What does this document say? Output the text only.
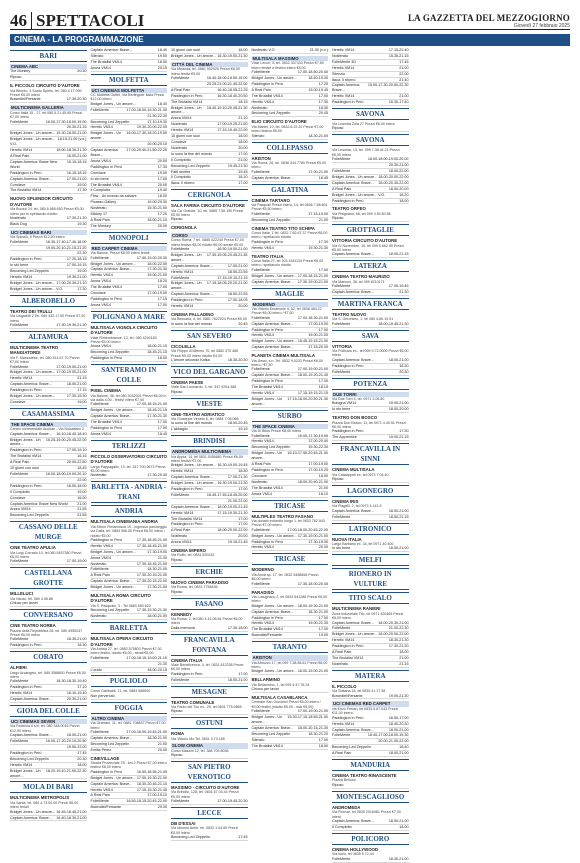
46 SPETTACOLI	LA GAZZETTA DEL MEZZOGIORNO
Giovedì 27 febbraio 2025
CINEMA - LA PROGRAMMAZIONE
BARI
CINEMA ABC
The Monkey	20.30
Riposo
IL PICCOLO CIRCUITO D'AUTORE
Via Bitonto, 4 Santo Spirito, tel. 080.4 17.090 Prezzi €5,00 intero
Bowndiel/Fersante	17.30-20.30
MULTICINEMA GALLERIA
Corso Italia 15 - 17, tel.080.5.21.45.65 Prezzi €7,00 intero
FolleMente	16.00-17.30-18.00-19.00
20.30-21.15
Bridget Jones - Un amore... 15.30-18.00-21.00
Bridget Jones - Un amore... V.O.
18.15-21.00 (v.o.)
Heretic VM14	18.00-18.30-21.30
A Real Pain	16.00-21.00
Captain America: Brave New World
15.15-18.15
Paddington in Perù	16.15-18.15
Captain America: Brave...	17.00-21.00
Conclave	19.00
The Brutalist VM14	17.30
NUOVO SPLENDOR CIRCUITO D'AUTORE
Via Buozzi 24, tel. 080.5.565.650 Prezzi €5,00 intero per lo spettacolo ridotto
Nosferatu	17.30-21.30
Black Dog	19.30
UCI CINEMAS BARI
Via Spinelli, 9 Prezzi €12,50 intero
FolleMente	16.30-17.40-17.40-18.00
19.00-20.10-21.15-21.20
22.30
Paddington in Perù	17.20-18.15
Io sto bene	17.00-19.15
Becoming Led Zeppelin	19.00
Heretic VM14	19.30-21.00
Bridget Jones - Un amore... 17.00-20.30-21.10
Bridget Jones - Un amore... V.O.	17.30
ALBEROBELLO
TEATRO DEI TRULLI
Via Ungaretti 2 Tel. 080 432.17.50 Prezzi €7,00 intero
FolleMente	17.30-19.30-21.30
ALTAMURA
MULTICINEMA TEATRO MANGIATORDI
Via F. Manzarese, tel. 080 314.67.70 Prezzi €7,00 intero
FolleMente	17.00-19.00-21.00
Bridget Jones - Un amore... 17.00-19.00-21.00
Heretic VM14	21.15
Captain America: Brave...	18.00-21.00
Paddington in Perù	17.15
Bridget Jones - Un amore...	17.30-19.30
Conclave	19.00
CASAMASSIMA
THE SPACE CINEMA
Centro commerciale Auchan - Via Noicattaro 2
Captain America: Brave... 16.10-16.40-18.40
Bridget Jones - Un amore...
16.25-19.00-20.45-22.00
Paddington in Perù	17.00-19.10
The Brutalist VM14	16.15
A Real Pain	20.00-22.50
10 giorni con suoi	18.45
FolleMente	16.00-18.00-19.00-20.10
22.00
Paddington in Perù	16.00-18.00
Il Complotto	19.00
Conclave	16.00
Captain America: Brave New World	21.00
Anora VM14	21.55
Becoming Led Zeppelin	21.55
CASSANO DELLE MURGE
CINE TEATRO APULIA
Via Luigi Corrado 10, tel 080 5457380 Prezzi €6,00 intero
FolleMente	17.00-19.00
CASTELLANA GROTTE
MILLELUCI
Via Nicolò, tel. 080 4.96.86
Chiuso per lavori
CONVERSANO
CINE TEATRO NORBA
Piazza della Repubblica 28, tel. 080 4955247 Prezzi €6,00 intero
FolleMente	18.30-21.00
Paddington in Perù	18.30
CORATO
ALFIERI
Largo Arcangelo, tel. 080 3588651 Prezzi €6,00 intero
FolleMente	18.30-18.30-19.40
Paddington in Perù	17.10
Heretic VM14	18.10-19.40
Captain America: Brave...	20.30-21.00
GIOIA DEL COLLE
UCI CINEMAS SEVEN
Via Federico Il s/n, tel. 080 348.0016 Prezzi €12,50 intero
Captain America: Brave...	18.00-21.00
FolleMente	16.00-17.20-20.10-20.50
19.50-22.00
Paddington in Perù	17.45
Becoming Led Zeppelin	20.30
Heretic VM14	18.00
Bridget Jones - Un amore...
18.20-19.10-21.00-22.30
MOLA DI BARI
MULTICINEMA METROPOLIS
Via Santa, tel. 080 4.73.00.00 Prezzi €6,00 intero feriali
Bridget Jones - Un amore... 16.45-18.45-21.00
Captain America: Brave... 16.40-18.30-21.00
Captain America: Brave...	18.40
Silenzio	19.50
The Brutalist VM14	18.50
Anora VM14	20.15
MOLFETTA
UCI CINEMAS MOLFETTA
CC Molfetta Outlet, Via Berlinguer Italia Prezzi €12,00 intero
Bridget Jones - Un amore...	18.40
FolleMente	17.00-18.00-19.30-21.30
21.50-22.30
Becoming Led Zeppelin	17.10-19.30
Heretic VM14	19.30-20.00-22.00
Bridget Jones - Un amore...
16.00-17.30-18.20-19.00
20.00-20.10
Captain America: Brave...
17.00-20.40-21.50-22.25
Anora VM14	20.50
Paddington in Perù	17.30
Conclave	19.00
Io sto bene	17.00
The Brutalist VM14	20.00
Il Complotto	19.40
Flow - Un mondo da salvare	18.00
Picasso Gallery	19.00-20.30
Nosferatu	19.30-21.00
Mickey 17	17.20
A Real Pain	18.00-21.10
The Monkey	20.00
MONOPOLI
RED CARPET CINEMA
Via Baione, Prezzi €8,00 intero feriali
FolleMente	17.00-19.00-20.30
Bridget Jones - Un amore...	18.00-22.00
Captain America: Brave...	17.30-21.30
Heretic VM14	19.00-21.00
Anora VM14	18.20
The Brutalist VM14	17.00
Conclave	17.00-19.00
Paddington in Perù	17.15
Anora VM14	17.00
POLIGNANO A MARE
MULTISALA VIGNOLA CIRCUITO D'AUTORE
Viale Rimembranze, 12, tel. 080 4240183 Prezzi €5,00 intero
Anora VM14	18.00-21.15
Becoming Led Zeppelin	18.45-21.15
Paddington in Perù	18.00
SANTERAMO IN COLLE
PIXEL CINEMA
Via Baione, 46, tel 080 3032001 Prezzi €6,00 in via dalla 4,00 - festivi intero €7,00
FolleMente	17.00-18.15-21.00
Bridget Jones - Un amore...	18.45-21.15
Captain America: Brave...	17.30-21.30
The Brutalist VM14	17.00
Paddington in Perù	17.00
Anora VM14	18.45
TERLIZZI
PICCOLO OSSERVATORIO CIRCUITO D'AUTORE
Largo Pappagallo, 13, tel. 347 700.9673 Prezzi €5,00 intero
Nosferatu	17.30-20.30
BARLETTA - ANDRIA - TRANI
ANDRIA
MULTISALA CINEMANIA ANDRIA
Via Ettore Fieramosca 19 - Ingresso parcheggio via Dalla, tel. 0883 556.00 Prezzi €6,00 intero / ridotto €5,00
Paddington in Perù	17.30-18.45-21.00
Heretic VM14	17.30-18.45-21.00
Bridget Jones - Un amore...	17.30-19.00
Anora VM14	21.30
Nosferatu	17.30-18.45-21.00
FolleMente	18.30-21.00
A Real Pain	17.30-20.15-21.00
Captain America: Brave... 17.30-20.15-22.00
Bridget Jones - Un amore...	17.30-21.00
MULTISALA ROMA CIRCUITO D'AUTORE
Via S. Pasquale, 3 - Tel 0883 590.620
Becoming Led Zeppelin 17.30-19.30-21.30
Nosferatu	18.00-21.00
BARLETTA
MULTISALA OPERA CIRCUITO D'AUTORE
Via Andria 27, tel. 0883 575803 Prezzi €7,00 intero festivi, ridotto €6,00 - serali €5,00
FolleMente	17.00-18.15-19.00-21.15
21.30
L'orafo	18.00-20.15
PUGLIOLO
Corso Garibaldi, 21, tel. 0883 566600
Non pervenuto
FOGGIA
ALTRO CINEMA
Via Gramsci, 11, tel. 0881 708837 Prezzi €7,00 intero
FolleMente	17.00-18.00-19.45-21.00
Captain America: Brave...	18.30-21.00
Becoming Led Zeppelin	21.00
Emilia Perez	20.00
CINEVILLAGE
Strada Provinciale 78 - km 2 Prezzi €7,00 intero festivo €8,00 intero
Paddington in Perù	16.50-18.55-21.05
Bridget Jones - Un amore... 17.00-19.30-21.00
Captain America: Brave... 18.30-20.45-21.10
Heretic VM14	17.15-19.30-21.45
A Real Pain	17.00-19.10
FolleMente	16.50-18.15-20.45-22.00
Bowndiel/Fersante	20.30
10 giorni con suoi	18.00
Bridget Jones - Un amore... 16.30-19.00-21.30
CITTÀ DEL CINEMA
Via Miranda, tel. 0881 552526 Prezzi €8,00 intero festivi €9,00
FolleMente	16.40-18.00-18.50-19.00
20.25-21.00-21.40-22.00
A Real Pain	16.40-18.05-21.25
Paddington in Perù	16.30-18.40-20.50
The Brutalist VM14	18.15
Bridget Jones - Un amore...
18.40-19.10-20.45-21.30
Anora VM14	21.10
Nosferatu	17.00-19.25-21.50
Heretic VM14	17.15-19.45-22.00
10 giorni con suoi	18.00
Conclave	18.00
Nosferatu	20.00
Io sono la fine del mondo	17.00
Il Complotto	21.00
Becoming Led Zeppelin	19.45-21.30
Fatti sentire	19.45
Il Complotto	18.10
Itaca. Il ritorno	17.00
CERIGNOLA
SALA FARINA CIRCUITO D'AUTORE
Via Ca' Grande, 10, tel. 0885 7.56.190 Prezzi €5,00 intero
Riposo
CERIGNOLA
CORSO
Corso Roma, 7 tel. 0885 422240 Prezzi €7,00 intero festivo €8,00 ridotto €6,00 serale €5,00
FolleMente	16.50-19.00-21.00
Bridget Jones - Un amore...
17.30-19.05-20.45-21.45
Captain America: Brave...	17.00-21.00
Heretic VM14	18.50-22.55
FolleMente	17.15-19.15-21.15
Bridget Jones - Un amore...
17.15-18.05-20.20-21.00
Captain America: Brave...	18.50-22.55
Paddington in Perù	17.00-18.05
Heretic VM14	20.00
CINEMA PALLADINO
Via Beccaria, 6, tel. 0881 7622024 Prezzi €5,00
Io sono la fine del mondo	20.45
SAN SEVERO
CICOLELLA
Via Filippo di Mimmo 70, tel 0882 375 486 Prezzi €5,00 intero ridotto €4,00
L'amore secondo Kafka	18.30-20.30
VICO DEL GARGANO
CINEMA PAESE
Viale San Leonardo, 3, tel. 347 9294.366
Riposo
VIESTE
CINE-TEATRO ADRIATICO
Via Giuseppe Veneto 6, tel. 0884 7.08.066
Io sono la fine del mondo	18.00-20.45
L'abbaglio	19.15
BRINDISI
ANDROMEDA MULTICINEMA
Via Appia, 14, tel 0831.5456881 Prezzi €6,00 intero festivo €7,00
Bridget Jones - Un amore... 16.30-19.00-19.45
Heretic VM14	18.30
Captain America: Brave...	17.00-21.30
Bridget Jones - Un amore... 16.30-19.00-21.30
Paddington in Perù	17.00
FolleMente	16.45-17.45-18.45-20.00
21.00-22.00
Captain America: Brave... 18.00-19.00-21.45
Heretic VM14	17.15-19.30-21.30
The Brutalist VM14	17.00
Paddington in Perù	17.00
A Real Pain	18.00-20.00-22.00
Nosferatu	20.00
Anora VM14	19.15-21.45
CINEMA IMPERO
Via Ruffo, tel. 0831.520242
Riposo
ERCHIE
NUOVO CINEMA PARADISO
Via Roma, tel. 0831.7758436
Riposo
FASANO
KENNEDY
Via Roma, 2, tel 080 4.42.06.64 Prezzi €6,00 intero
Dalla memoria	17.30-18.00
FRANCAVILLA FONTANA
CINEMA ITALIA
Viale Beneficenza, 4, tel. 0831 812238 Prezzi €6,00 intero
Paddington in Perù	17.00
FolleMente	18.00-21.00
MESAGNE
TEATRO COMUNALE
Via Paolo del Tiro ex., 29, tel 0831 775.0865
Riposo
OSTUNI
ROMA
Via Vittorio Mo Tel. 0831 3.73.165
SLOW CINEMA
Corso Mazzini 12, tel. 388 705 8036
Riposo
SAN PIETRO VERNOTICO
MASSIMO - CIRCUITO D'AUTORE
Via Brindisi, 128, tel. 0831 67.03.44 Prezzi €5,00 intero
FolleMente	17.00-19.45-20.30
LECCE
DB D'ESSAI
Via Ideonio Autre, tel. 0832 1.04.89 Prezzi €5,00 intero
Becoming Led Zeppelin	17.45
Nosferatu V.O.	21.00 (v.o.)
MULTISALA MASSIMO
Viale Lecce, 3, tel. 0832 307433 Prezzi €7,50 intero feriale e festivo intero €8,00
FolleMente	17.00-18.50-20.40
Bridget Jones - Un amore...	18.40-19.30
Paddington in Perù	17.20
A Real Pain	19.00-19.45
The Brutalist VM14	17.00
Heretic VM14	17.30
Nosferatu	18.30
Becoming Led Zeppelin	20.45
ELIO CIRCUITO D'AUTORE
Via Martiri, 10, tel. 0832.6.22.20 Prezzi €7,00 intero festivo €6,00
Silenzio	18.30-21.00
COLLEPASSO
ARISTON
Via Roma, 26, tel. 0836 344.7780 Prezzi €5,00 intero
FolleMente	17.00-21.00
Captain America: Brave...	18.45
GALATINA
CINEMA TARTARO
via Pasquali Prezzi intero, 14, tel 0836 7.68.801 Prezzi €5,50 intero
FolleMente	17.15-19.00
Becoming Led Zeppelin	21.00
CINEMA TEATRO TITO SCHIPA
Corso Italia, 1 tel. 0832 7.62.67.37 Prezzi €6,00 intero / spettacolo ridotto
Paddington in Perù	17.30
Heretic VM14	19.30-21.30
TEATRO ITALIA
Corso Italia 27, tel 203.1541134 Prezzi €6,00 intero / spettacolo ridotto
FolleMente	17.00
Bridget Jones - Un amore... 17.00-18.15-21.00
Captain America: Brave... 17.30-19.00-21.00
MAGLIE
MODERNO
Via Vittorio Emanuele II, 52, tel 0836 484.22 Prezzi €6,00 intero / €7,50
FolleMente	17.00-18.30-21.00
Captain America: Brave...	17.00-19.00
Paddington in Perù	17.00
Heretic VM14	19.00-21.00
Bridget Jones - Un amore... 18.45-19.15-21.00
Captain America: Brave...	17.15-20.30
PLANETA CINEMA MULTISALA
Via Dessi, s.n. Tel. 0832 9.0233 Prezzi €6,00 intero / €7,50
FolleMente	17.00-19.00-21.00
Captain America: Brave... 18.00-19.20-21.40
Paddington in Perù	17.00
The Brutalist VM14	18.15
Heretic VM14	17.15-19.15-21.15
Bridget Jones - Un amore...
17.15-18.00-20.30-21.30
SURBO
THE SPACE CINEMA
Via Di Bitos Prezzi €8,40 intero
FolleMente	16.05-17.30-19.55
Heretic VM14	17.00-20.40
Becoming Led Zeppelin	19.30-22.30
Bridget Jones - Un amore...
16.10-17.50-20.45-21.00
A Real Pain	17.00-19.00
Paddington in Perù	17.00-19.20
Conclave	18.00
Nosferatu	18.00-20.40-21.00
The Brutalist VM14	21.00
Anora VM14	18.10
TRICASE
MULTIPLEX TEATRO FASANO
Via donato indomito lungo 1, tel 0833 762.943 Prezzi €7,00 intero
FolleMente	17.00-18.00-20.45-22.00
Bridget Jones - Un amore... 17.30-19.00-21.00
Paddington in Perù	17.30-19.30
Heretic VM14	20.30
TRICASE
MODERNO
Via Anna sp. 17, tel. 0832 5458656 Prezzi €6,00 intero
FolleMente	17.30-18.00-20.45
PARADISO
Via Lucugnano 2, tel 0833 541286 Prezzi €6,00 intero
Bridget Jones - Un amore... 18.00-19.30-21.00
Captain America: Brave...	18.30-21.00
Paddington in Perù	17.00
Heretic VM14	19.00-21.30
The Brutalist VM14	17.00
Bowndiel/Fersante	19.00
TARANTO
ARISTON
Via Abruzzo 17, tel 099 7.38.58.61 Prezzi €6,00 intero
Bridget Jones - Un amore... 18.00-19.00-21.00
BELLARMINO
Via Bellarmino, 1, tel 099 4.47.76.34
Chiuso per lavori
MULTISALA CASABLANCA
Centrale San Giovanni Prezzi €8,00 intero / €9,00 festivi (ridotto €6,00 - mar €5,00)
FolleMente	17.00-19.00-21.00
Bridget Jones - Un amore...
15.30-17.15-18.55-21.00
Captain America: Brave... 18.00-20.15-21.30
Becoming Led Zeppelin	18.30-21.20
Silenzio	17.00
The Brutalist VM14	18.00
Heretic VM14	17.15-22.40
Nosferatu	15.35-21.15
FolleMente 3D	17.45
Heretic VM14	21.00
Silenzio	22.00
Itaca. Il ritorno	21.40
Captain America: Brave...
15.00-17.30-20.00-22.30
Heretic VM14	21.00
Paddington in Perù	15.30-17.40
SAVONA
Via Leonida Zola 27 Prezzi €6,00 intero
Riposo
SAVONA
Via Leonida, 13, tel. 099 7.38.41.21 Prezzi €6,50 intero
FolleMente	18.00-18.00-19.00-20.00
20.30-21.00
FolleMente	18.00-22.00
Bridget Jones - Un amore... 18.00-20.00-22.00
Captain America: Brave... 18.00-20.30-22.00
A Real Pain	18.00-20.00
Bridget Jones - Un amore... V.O.	18.20
Paddington in Perù	18.00
TEATRO ORFEO
Via Pisignano, 66, tel 099 4.53.50.86
Riposo
GROTTAGLIE
VITTORIA CIRCUITO D'AUTORE
Via IV Novembre, 16, tel 099 5.662.59 Prezzi €5,00 intero
Captain America: Brave...	18.00-21.15
LATERZA
CINEMA TEATRO MAURIZIO
Via Marconi, 36, tel 099 8210171
FolleMente	17.00-19.45
Captain America: Brave...	21.30
MARTINA FRANCA
TEATRO NUOVO
Via S. Geronimo, 1, tel 080 4.80.19.51
FolleMente	18.00-19.45-21.30
SAVA
VITTORIA
Via Pollicaro ex., tel 099 9.72.0000 Prezzi €6,00 intero
Captain America: Brave...	18.00-21.00
Paddington in Perù	18.30
FolleMente	20.30
POTENZA
DUE TORRI
Via Due Torri 4, tel. 0971 3.06.80
Bologna VM14	19.00-21.00
Io sto bene	18.00-20.00
TEATRO DON BOSCO
Piazza Don Bosco, 11, tel 0971 4.40.51 Prezzi €6,00 intero
Paddington in Perù	17.30
The Apprentice	19.00-21.15
FRANCAVILLA IN SINNI
CINEMA MULTISALA
Via Catavippoli ex, tel 0973 7.04.40
Riposo
LAGONEGRO
CINEMA IRIS
Via Piagelli, 2, tel 0973 4.141.5
Captain America: Brave...	18.00-21.00
FolleMente	18.50-21.15
LATRONICO
NUOVA ITALIA
Largo Barbano ex, 34, tel 0971 40.400
Io sto bene	18.00-21.00
MELFI
RIONERO IN VULTURE
TITO SCALO
MULTICINEMA RANIERI
Zona Industriale Tito, tel 0971 420465 Prezzi €6,00 intero
Captain America: Brave... 18.00-20.30-21.00
FolleMente	21.00-22.30
Bridget Jones - Un amore... 18.00-20.00-22.00
Heretic VM14	18.30-21.30
Paddington in Perù	17.30-21.30
A Real Pain	18.00
The Brutalist VM14	21.00
Nosferatu	21.15
MATERA
IL PICCOLO
Via Sottana 18, tel 0835 41.17.38
Bowndiel/Fersante	19.00-21.30
UCI CINEMAS RED CARPET
via Enzo Ferrari, tel 0835 5.87.043 Prezzi €11,00 intero
Paddington in Perù	16.50-17.00
Heretic VM14	18.40-20.30
Captain America: Brave...	18.00-21.00
FolleMente	16.40-17.00-18.00-19.30
20.00-21.00-22.00
Becoming Led Zeppelin	18.40
A Real Pain	18.00-21.00
MANDURIA
CINEMA TEATRO RINASCENTE
Piazza Belluno
Riposo
MONTESCAGLIOSO
ANDROMEDA
Via Firenze, tel 0835 2016461 Prezzi €7,00 intero
Captain America: Brave...	18.00-21.00
Il Complotto	18.00
POLICORO
CINEMA HOLLYWOOD
Via Ionio, tel 0835 9.72.44
FolleMente	18.30-21.00
